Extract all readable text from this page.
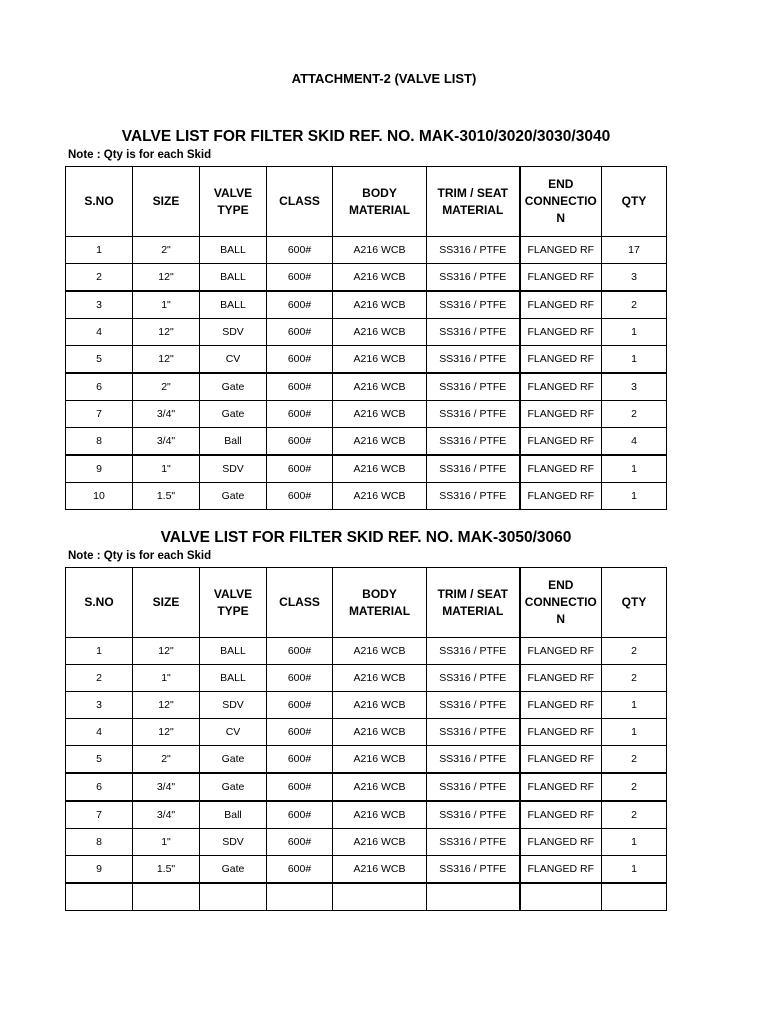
ATTACHMENT-2 (VALVE LIST)
VALVE LIST FOR FILTER SKID REF. NO. MAK-3010/3020/3030/3040
Note : Qty is for each Skid
S.NO	SIZE	VALVE TYPE	CLASS	BODY MATERIAL	TRIM / SEAT MATERIAL	END CONNECTIO N	QTY
1	2"	BALL	600#	A216 WCB	SS316 / PTFE	FLANGED RF	17
2	12"	BALL	600#	A216 WCB	SS316 / PTFE	FLANGED RF	3
3	1"	BALL	600#	A216 WCB	SS316 / PTFE	FLANGED RF	2
4	12"	SDV	600#	A216 WCB	SS316 / PTFE	FLANGED RF	1
5	12"	CV	600#	A216 WCB	SS316 / PTFE	FLANGED RF	1
6	2"	Gate	600#	A216 WCB	SS316 / PTFE	FLANGED RF	3
7	3/4"	Gate	600#	A216 WCB	SS316 / PTFE	FLANGED RF	2
8	3/4"	Ball	600#	A216 WCB	SS316 / PTFE	FLANGED RF	4
9	1"	SDV	600#	A216 WCB	SS316 / PTFE	FLANGED RF	1
10	1.5"	Gate	600#	A216 WCB	SS316 / PTFE	FLANGED RF	1
VALVE LIST FOR FILTER SKID REF. NO. MAK-3050/3060
Note : Qty is for each Skid
S.NO	SIZE	VALVE TYPE	CLASS	BODY MATERIAL	TRIM / SEAT MATERIAL	END CONNECTIO N	QTY
1	12"	BALL	600#	A216 WCB	SS316 / PTFE	FLANGED RF	2
2	1"	BALL	600#	A216 WCB	SS316 / PTFE	FLANGED RF	2
3	12"	SDV	600#	A216 WCB	SS316 / PTFE	FLANGED RF	1
4	12"	CV	600#	A216 WCB	SS316 / PTFE	FLANGED RF	1
5	2"	Gate	600#	A216 WCB	SS316 / PTFE	FLANGED RF	2
6	3/4"	Gate	600#	A216 WCB	SS316 / PTFE	FLANGED RF	2
7	3/4"	Ball	600#	A216 WCB	SS316 / PTFE	FLANGED RF	2
8	1"	SDV	600#	A216 WCB	SS316 / PTFE	FLANGED RF	1
9	1.5"	Gate	600#	A216 WCB	SS316 / PTFE	FLANGED RF	1
